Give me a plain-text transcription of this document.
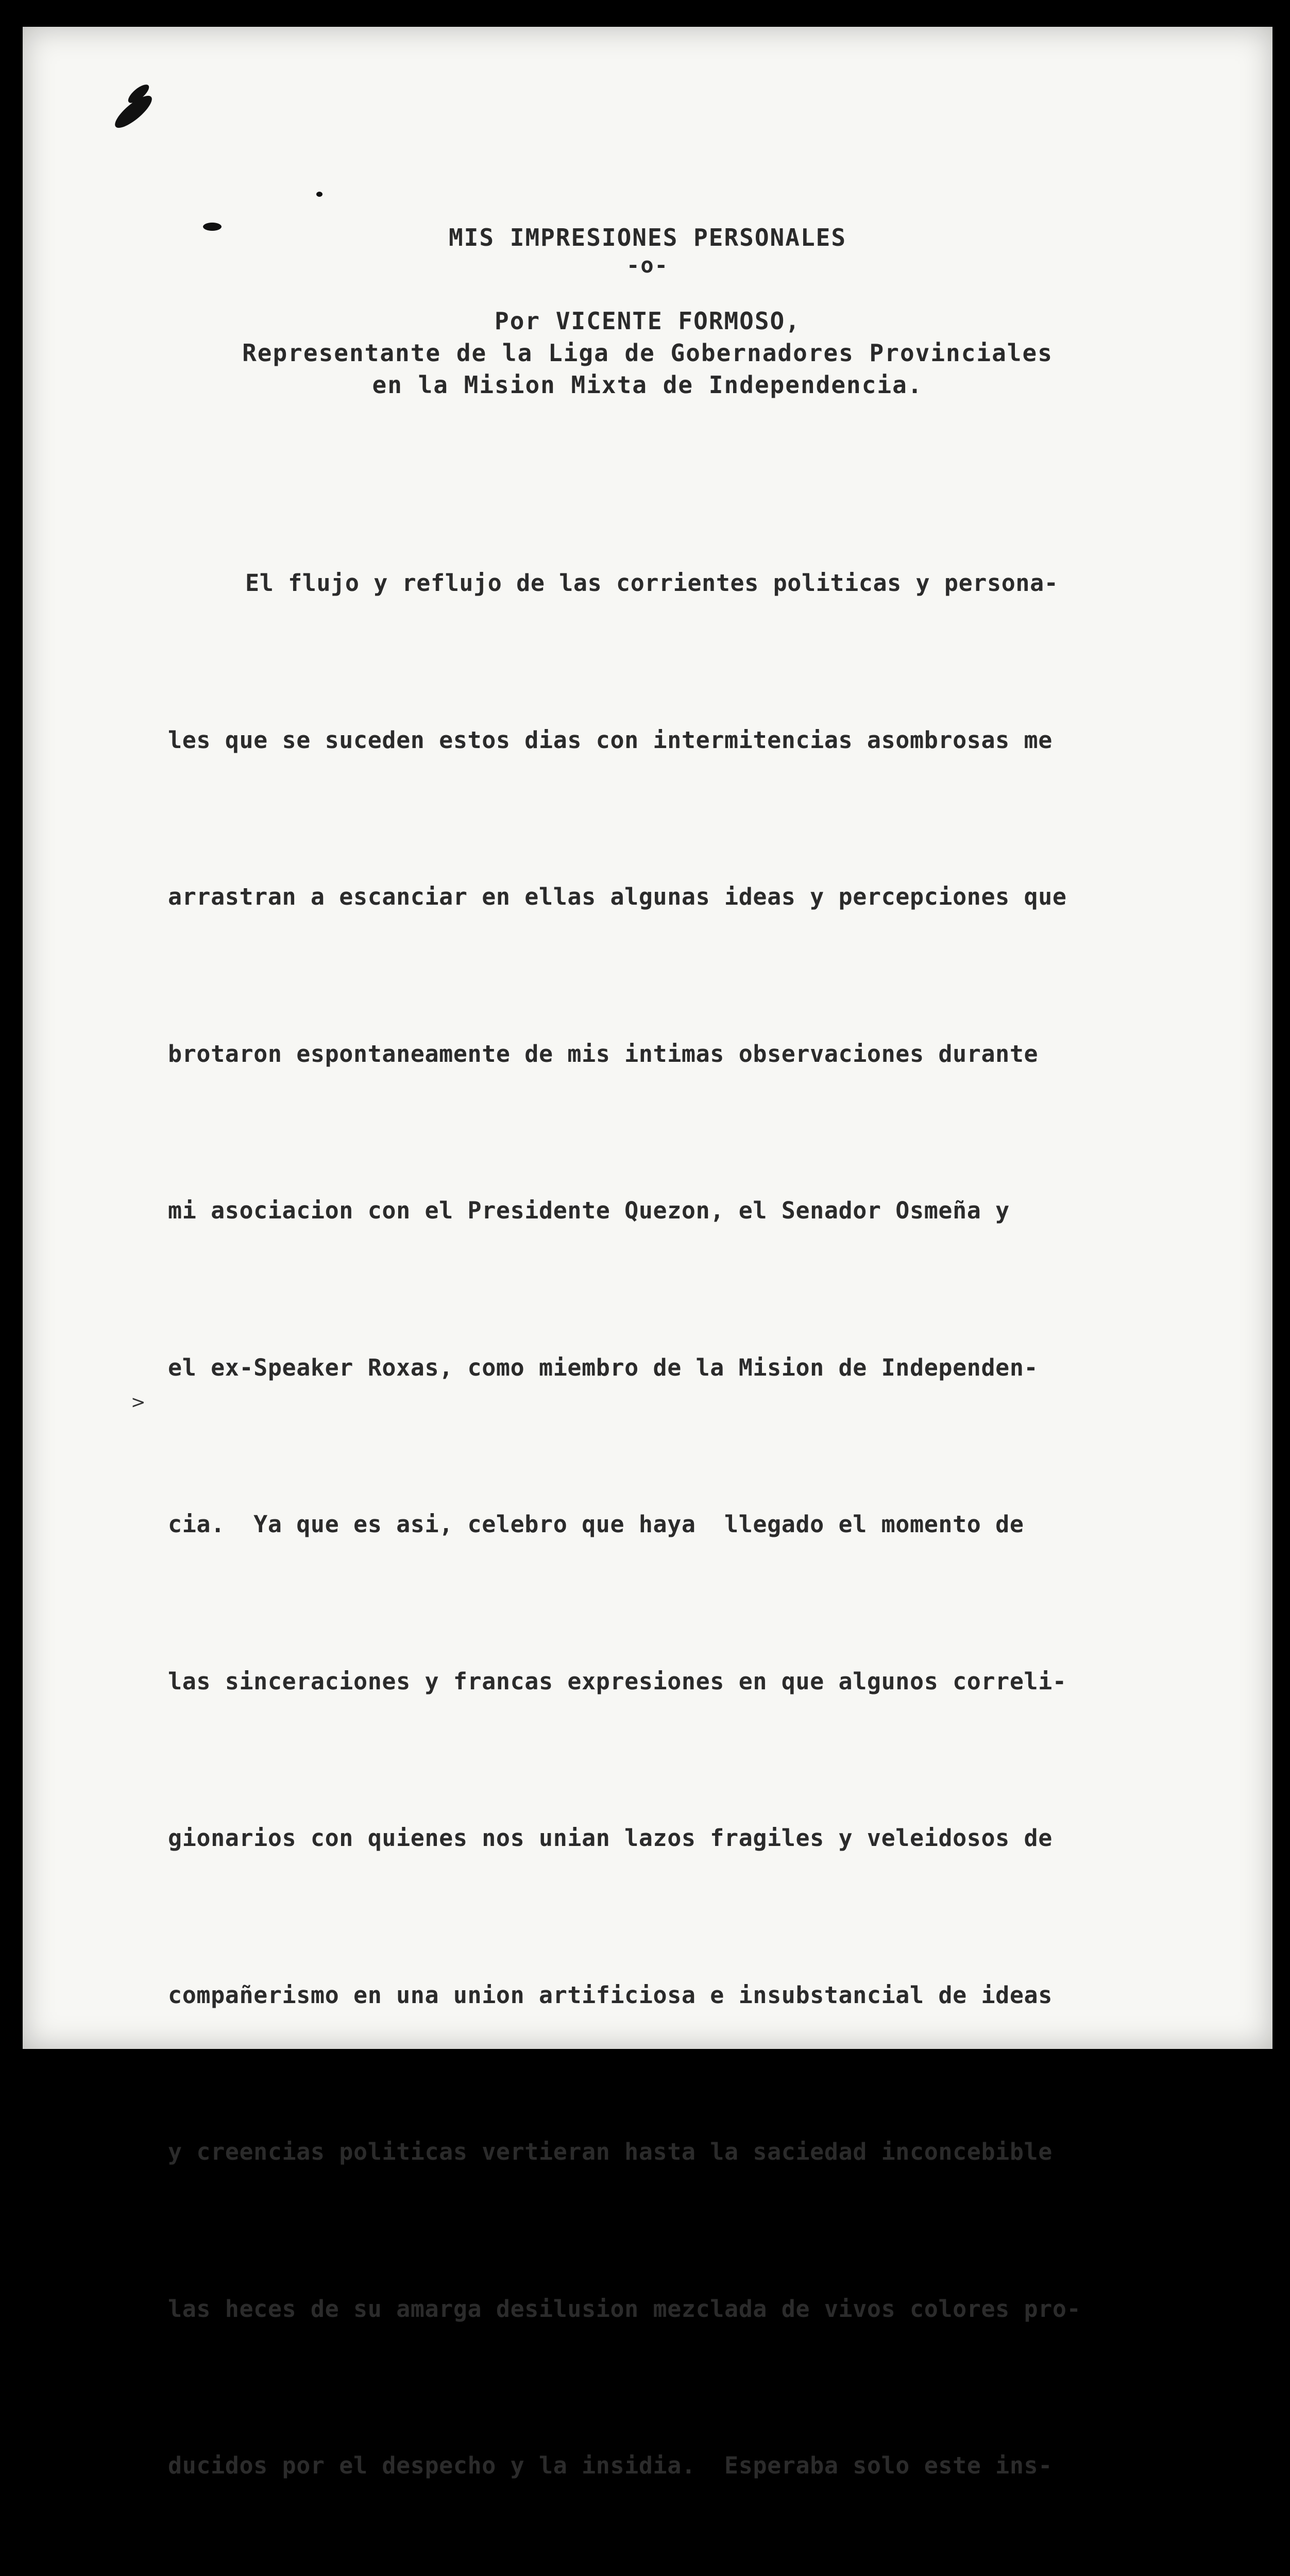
MIS IMPRESIONES PERSONALES
-o-
Por VICENTE FORMOSO,
Representante de la Liga de Gobernadores Provinciales
en la Mision Mixta de Independencia.
>

El flujo y reflujo de las corrientes politicas y persona-

les que se suceden estos dias con intermitencias asombrosas me

arrastran a escanciar en ellas algunas ideas y percepciones que

brotaron espontaneamente de mis intimas observaciones durante

mi asociacion con el Presidente Quezon, el Senador Osmeña y

el ex-Speaker Roxas, como miembro de la Mision de Independen-

cia.  Ya que es asi, celebro que haya  llegado el momento de

las sinceraciones y francas expresiones en que algunos correli-

gionarios con quienes nos unian lazos fragiles y veleidosos de

compañerismo en una union artificiosa e insubstancial de ideas

y creencias politicas vertieran hasta la saciedad inconcebible

las heces de su amarga desilusion mezclada de vivos colores pro-

ducidos por el despecho y la insidia.  Esperaba solo este ins-
